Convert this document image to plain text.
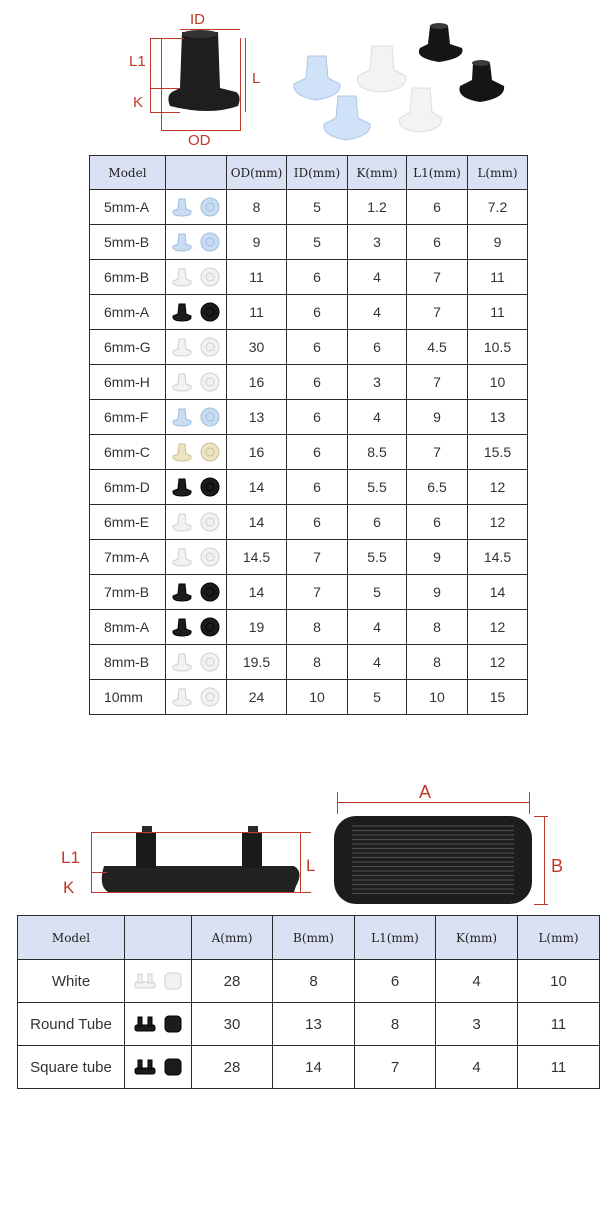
ID
L1
K
L
OD
Model		OD(mm)	ID(mm)	K(mm)	L1(mm)	L(mm)
5mm-A		8	5	1.2	6	7.2
5mm-B		9	5	3	6	9
6mm-B		11	6	4	7	11
6mm-A		11	6	4	7	11
6mm-G		30	6	6	4.5	10.5
6mm-H		16	6	3	7	10
6mm-F		13	6	4	9	13
6mm-C		16	6	8.5	7	15.5
6mm-D		14	6	5.5	6.5	12
6mm-E		14	6	6	6	12
7mm-A		14.5	7	5.5	9	14.5
7mm-B		14	7	5	9	14
8mm-A		19	8	4	8	12
8mm-B		19.5	8	4	8	12
10mm		24	10	5	10	15
L1
K
L
A
B
Model		A(mm)	B(mm)	L1(mm)	K(mm)	L(mm)
White		28	8	6	4	10
Round Tube		30	13	8	3	11
Square tube		28	14	7	4	11
